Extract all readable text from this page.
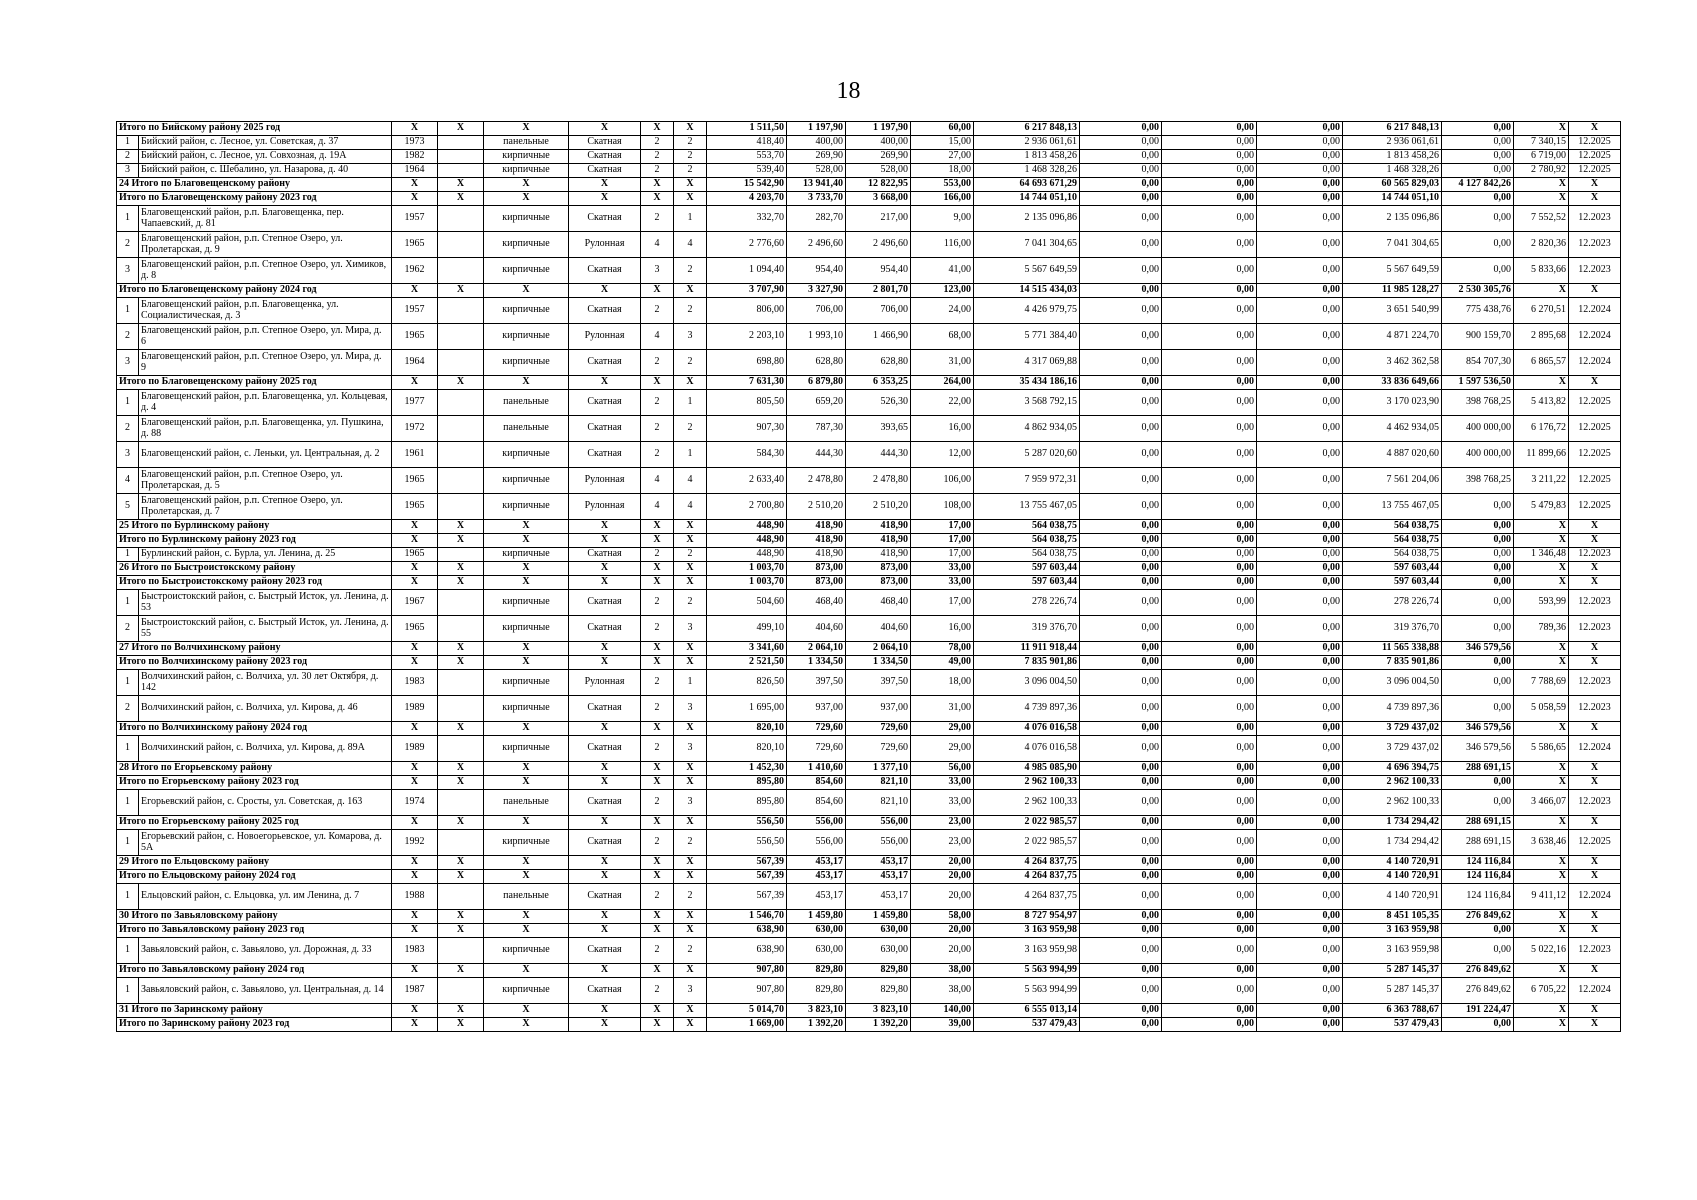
18
Итого по Бийскому району 2025 год		X	X	X	X	X	X	1 511,50	1 197,90	1 197,90	60,00	6 217 848,13	0,00	0,00	0,00	6 217 848,13	0,00	X	X
1	Бийский район, с. Лесное, ул. Советская, д. 37	1973		панельные	Скатная	2	2	418,40	400,00	400,00	15,00	2 936 061,61	0,00	0,00	0,00	2 936 061,61	0,00	7 340,15	12.2025
2	Бийский район, с. Лесное, ул. Совхозная, д. 19А	1982		кирпичные	Скатная	2	2	553,70	269,90	269,90	27,00	1 813 458,26	0,00	0,00	0,00	1 813 458,26	0,00	6 719,00	12.2025
3	Бийский район, с. Шебалино, ул. Назарова, д. 40	1964		кирпичные	Скатная	2	2	539,40	528,00	528,00	18,00	1 468 328,26	0,00	0,00	0,00	1 468 328,26	0,00	2 780,92	12.2025
24 Итого по Благовещенскому району		X	X	X	X	X	X	15 542,90	13 941,40	12 822,95	553,00	64 693 671,29	0,00	0,00	0,00	60 565 829,03	4 127 842,26	X	X
Итого по Благовещенскому району 2023 год		X	X	X	X	X	X	4 203,70	3 733,70	3 668,00	166,00	14 744 051,10	0,00	0,00	0,00	14 744 051,10	0,00	X	X
1	Благовещенский район, р.п. Благовещенка, пер. Чапаевский, д. 81	1957		кирпичные	Скатная	2	1	332,70	282,70	217,00	9,00	2 135 096,86	0,00	0,00	0,00	2 135 096,86	0,00	7 552,52	12.2023
2	Благовещенский район, р.п. Степное Озеро, ул. Пролетарская, д. 9	1965		кирпичные	Рулонная	4	4	2 776,60	2 496,60	2 496,60	116,00	7 041 304,65	0,00	0,00	0,00	7 041 304,65	0,00	2 820,36	12.2023
3	Благовещенский район, р.п. Степное Озеро, ул. Химиков, д. 8	1962		кирпичные	Скатная	3	2	1 094,40	954,40	954,40	41,00	5 567 649,59	0,00	0,00	0,00	5 567 649,59	0,00	5 833,66	12.2023
Итого по Благовещенскому району 2024 год		X	X	X	X	X	X	3 707,90	3 327,90	2 801,70	123,00	14 515 434,03	0,00	0,00	0,00	11 985 128,27	2 530 305,76	X	X
1	Благовещенский район, р.п. Благовещенка, ул. Социалистическая, д. 3	1957		кирпичные	Скатная	2	2	806,00	706,00	706,00	24,00	4 426 979,75	0,00	0,00	0,00	3 651 540,99	775 438,76	6 270,51	12.2024
2	Благовещенский район, р.п. Степное Озеро, ул. Мира, д. 6	1965		кирпичные	Рулонная	4	3	2 203,10	1 993,10	1 466,90	68,00	5 771 384,40	0,00	0,00	0,00	4 871 224,70	900 159,70	2 895,68	12.2024
3	Благовещенский район, р.п. Степное Озеро, ул. Мира, д. 9	1964		кирпичные	Скатная	2	2	698,80	628,80	628,80	31,00	4 317 069,88	0,00	0,00	0,00	3 462 362,58	854 707,30	6 865,57	12.2024
Итого по Благовещенскому району 2025 год		X	X	X	X	X	X	7 631,30	6 879,80	6 353,25	264,00	35 434 186,16	0,00	0,00	0,00	33 836 649,66	1 597 536,50	X	X
1	Благовещенский район, р.п. Благовещенка, ул. Кольцевая, д. 4	1977		панельные	Скатная	2	1	805,50	659,20	526,30	22,00	3 568 792,15	0,00	0,00	0,00	3 170 023,90	398 768,25	5 413,82	12.2025
2	Благовещенский район, р.п. Благовещенка, ул. Пушкина, д. 88	1972		панельные	Скатная	2	2	907,30	787,30	393,65	16,00	4 862 934,05	0,00	0,00	0,00	4 462 934,05	400 000,00	6 176,72	12.2025
3	Благовещенский район, с. Леньки, ул. Центральная, д. 2	1961		кирпичные	Скатная	2	1	584,30	444,30	444,30	12,00	5 287 020,60	0,00	0,00	0,00	4 887 020,60	400 000,00	11 899,66	12.2025
4	Благовещенский район, р.п. Степное Озеро, ул. Пролетарская, д. 5	1965		кирпичные	Рулонная	4	4	2 633,40	2 478,80	2 478,80	106,00	7 959 972,31	0,00	0,00	0,00	7 561 204,06	398 768,25	3 211,22	12.2025
5	Благовещенский район, р.п. Степное Озеро, ул. Пролетарская, д. 7	1965		кирпичные	Рулонная	4	4	2 700,80	2 510,20	2 510,20	108,00	13 755 467,05	0,00	0,00	0,00	13 755 467,05	0,00	5 479,83	12.2025
25 Итого по Бурлинскому району		X	X	X	X	X	X	448,90	418,90	418,90	17,00	564 038,75	0,00	0,00	0,00	564 038,75	0,00	X	X
Итого по Бурлинскому району 2023 год		X	X	X	X	X	X	448,90	418,90	418,90	17,00	564 038,75	0,00	0,00	0,00	564 038,75	0,00	X	X
1	Бурлинский район, с. Бурла, ул. Ленина, д. 25	1965		кирпичные	Скатная	2	2	448,90	418,90	418,90	17,00	564 038,75	0,00	0,00	0,00	564 038,75	0,00	1 346,48	12.2023
26 Итого по Быстроистокскому району		X	X	X	X	X	X	1 003,70	873,00	873,00	33,00	597 603,44	0,00	0,00	0,00	597 603,44	0,00	X	X
Итого по Быстроистокскому району 2023 год		X	X	X	X	X	X	1 003,70	873,00	873,00	33,00	597 603,44	0,00	0,00	0,00	597 603,44	0,00	X	X
1	Быстроистокский район, с. Быстрый Исток, ул. Ленина, д. 53	1967		кирпичные	Скатная	2	2	504,60	468,40	468,40	17,00	278 226,74	0,00	0,00	0,00	278 226,74	0,00	593,99	12.2023
2	Быстроистокский район, с. Быстрый Исток, ул. Ленина, д. 55	1965		кирпичные	Скатная	2	3	499,10	404,60	404,60	16,00	319 376,70	0,00	0,00	0,00	319 376,70	0,00	789,36	12.2023
27 Итого по Волчихинскому району		X	X	X	X	X	X	3 341,60	2 064,10	2 064,10	78,00	11 911 918,44	0,00	0,00	0,00	11 565 338,88	346 579,56	X	X
Итого по Волчихинскому району 2023 год		X	X	X	X	X	X	2 521,50	1 334,50	1 334,50	49,00	7 835 901,86	0,00	0,00	0,00	7 835 901,86	0,00	X	X
1	Волчихинский район, с. Волчиха, ул. 30 лет Октября, д. 142	1983		кирпичные	Рулонная	2	1	826,50	397,50	397,50	18,00	3 096 004,50	0,00	0,00	0,00	3 096 004,50	0,00	7 788,69	12.2023
2	Волчихинский район, с. Волчиха, ул. Кирова, д. 46	1989		кирпичные	Скатная	2	3	1 695,00	937,00	937,00	31,00	4 739 897,36	0,00	0,00	0,00	4 739 897,36	0,00	5 058,59	12.2023
Итого по Волчихинскому району 2024 год		X	X	X	X	X	X	820,10	729,60	729,60	29,00	4 076 016,58	0,00	0,00	0,00	3 729 437,02	346 579,56	X	X
1	Волчихинский район, с. Волчиха, ул. Кирова, д. 89А	1989		кирпичные	Скатная	2	3	820,10	729,60	729,60	29,00	4 076 016,58	0,00	0,00	0,00	3 729 437,02	346 579,56	5 586,65	12.2024
28 Итого по Егорьевскому району		X	X	X	X	X	X	1 452,30	1 410,60	1 377,10	56,00	4 985 085,90	0,00	0,00	0,00	4 696 394,75	288 691,15	X	X
Итого по Егорьевскому району 2023 год		X	X	X	X	X	X	895,80	854,60	821,10	33,00	2 962 100,33	0,00	0,00	0,00	2 962 100,33	0,00	X	X
1	Егорьевский район, с. Сросты, ул. Советская, д. 163	1974		панельные	Скатная	2	3	895,80	854,60	821,10	33,00	2 962 100,33	0,00	0,00	0,00	2 962 100,33	0,00	3 466,07	12.2023
Итого по Егорьевскому району 2025 год		X	X	X	X	X	X	556,50	556,00	556,00	23,00	2 022 985,57	0,00	0,00	0,00	1 734 294,42	288 691,15	X	X
1	Егорьевский район, с. Новоегорьевское, ул. Комарова, д. 5А	1992		кирпичные	Скатная	2	2	556,50	556,00	556,00	23,00	2 022 985,57	0,00	0,00	0,00	1 734 294,42	288 691,15	3 638,46	12.2025
29 Итого по Ельцовскому району		X	X	X	X	X	X	567,39	453,17	453,17	20,00	4 264 837,75	0,00	0,00	0,00	4 140 720,91	124 116,84	X	X
Итого по Ельцовскому району 2024 год		X	X	X	X	X	X	567,39	453,17	453,17	20,00	4 264 837,75	0,00	0,00	0,00	4 140 720,91	124 116,84	X	X
1	Ельцовский район, с. Ельцовка, ул. им Ленина, д. 7	1988		панельные	Скатная	2	2	567,39	453,17	453,17	20,00	4 264 837,75	0,00	0,00	0,00	4 140 720,91	124 116,84	9 411,12	12.2024
30 Итого по Завьяловскому району		X	X	X	X	X	X	1 546,70	1 459,80	1 459,80	58,00	8 727 954,97	0,00	0,00	0,00	8 451 105,35	276 849,62	X	X
Итого по Завьяловскому району 2023 год		X	X	X	X	X	X	638,90	630,00	630,00	20,00	3 163 959,98	0,00	0,00	0,00	3 163 959,98	0,00	X	X
1	Завьяловский район, с. Завьялово, ул. Дорожная, д. 33	1983		кирпичные	Скатная	2	2	638,90	630,00	630,00	20,00	3 163 959,98	0,00	0,00	0,00	3 163 959,98	0,00	5 022,16	12.2023
Итого по Завьяловскому району 2024 год		X	X	X	X	X	X	907,80	829,80	829,80	38,00	5 563 994,99	0,00	0,00	0,00	5 287 145,37	276 849,62	X	X
1	Завьяловский район, с. Завьялово, ул. Центральная, д. 14	1987		кирпичные	Скатная	2	3	907,80	829,80	829,80	38,00	5 563 994,99	0,00	0,00	0,00	5 287 145,37	276 849,62	6 705,22	12.2024
31 Итого по Заринскому району		X	X	X	X	X	X	5 014,70	3 823,10	3 823,10	140,00	6 555 013,14	0,00	0,00	0,00	6 363 788,67	191 224,47	X	X
Итого по Заринскому району 2023 год		X	X	X	X	X	X	1 669,00	1 392,20	1 392,20	39,00	537 479,43	0,00	0,00	0,00	537 479,43	0,00	X	X
